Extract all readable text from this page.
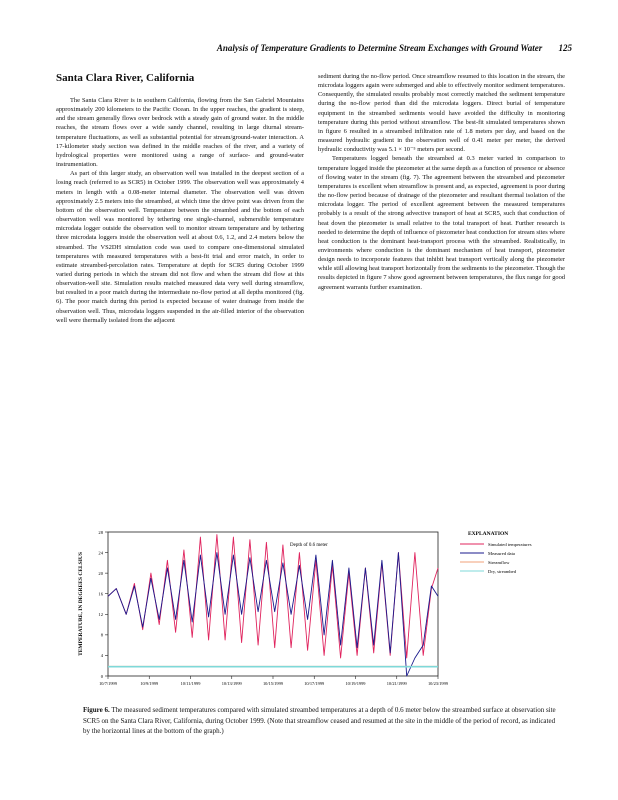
Analysis of Temperature Gradients to Determine Stream Exchanges with Ground Water 125
Santa Clara River, California

The Santa Clara River is in southern California, flowing from the San Gabriel Mountains approximately 200 kilometers to the Pacific Ocean. In the upper reaches, the gradient is steep, and the stream generally flows over bedrock with a steady gain of ground water. In the middle reaches, the stream flows over a wide sandy channel, resulting in large diurnal stream-temperature fluctuations, as well as substantial potential for stream/ground-water interaction. A 17-kilometer study section was defined in the middle reaches of the river, and a variety of hydrological properties were monitored using a range of surface- and ground-water instrumentation.

As part of this larger study, an observation well was installed in the deepest section of a losing reach (referred to as SCR5) in October 1999. The observation well was approximately 4 meters in length with a 0.08-meter internal diameter. The observation well was driven approximately 2.5 meters into the streambed, at which time the drive point was driven from the bottom of the observation well. Temperature between the streambed and the bottom of each observation well was monitored by tethering one single-channel, submersible temperature microdata logger outside the observation well to monitor stream temperature and by tethering three microdata loggers inside the observation well at about 0.6, 1.2, and 2.4 meters below the streambed. The VS2DH simulation code was used to compare one-dimensional simulated temperatures with measured temperatures with a best-fit trial and error match, in order to estimate streambed-percolation rates. Temperature at depth for SCR5 during October 1999 varied during periods in which the stream did not flow and when the stream did flow at this observation-well site. Simulation results matched measured data very well during streamflow, but resulted in a poor match during the intermediate no-flow period at all depths monitored (fig. 6). The poor match during this period is expected because of water drainage from inside the observation well. Thus, microdata loggers suspended in the air-filled interior of the observation well were thermally isolated from the adjacent

sediment during the no-flow period. Once streamflow resumed to this location in the stream, the microdata loggers again were submerged and able to effectively monitor sediment temperatures. Consequently, the simulated results probably most correctly matched the sediment temperature during the no-flow period than did the microdata loggers. Direct burial of temperature equipment in the streambed sediments would have avoided the difficulty in monitoring temperature during this period without streamflow. The best-fit simulated temperatures shown in figure 6 resulted in a streambed infiltration rate of 1.8 meters per day, and based on the measured hydraulic gradient in the observation well of 0.41 meter per meter, the derived hydraulic conductivity was 5.1 × 10⁻⁵ meters per second.

Temperatures logged beneath the streambed at 0.3 meter varied in comparison to temperature logged inside the piezometer at the same depth as a function of presence or absence of flowing water in the stream (fig. 7). The agreement between the streambed and piezometer temperatures is excellent when streamflow is present and, as expected, agreement is poor during the no-flow period because of drainage of the piezometer and resultant thermal isolation of the microdata logger. The period of excellent agreement between the measured temperatures probably is a result of the strong advective transport of heat at SCR5, such that conduction of heat down the piezometer is small relative to the total transport of heat. Further research is needed to determine the depth of influence of piezometer heat conduction for stream sites where heat conduction is the dominant heat-transport process with the streambed. Realistically, in environments where conduction is the dominant mechanism of heat transport, piezometer design needs to incorporate features that inhibit heat transport vertically along the piezometer while still allowing heat transport horizontally from the sediments to the piezometer. Though the results depicted in figure 7 show good agreement between temperatures, the flux range for good agreement warrants further examination.

0
4
8
12
16
20
24
28
10/7/1999	10/9/1999	10/11/1999	10/13/1999	10/15/1999	10/17/1999	10/19/1999	10/21/1999	10/23/1999
TEMPERATURE, IN DEGREES CELSIUS
Depth of 0.6 meter
EXPLANATION
Simulated temperatures
Measured data
Streamflow
Dry, streambed
Figure 6. The measured sediment temperatures compared with simulated streambed temperatures at a depth of 0.6 meter below the streambed surface at observation site SCR5 on the Santa Clara River, California, during October 1999. (Note that streamflow ceased and resumed at the site in the middle of the period of record, as indicated by the horizontal lines at the bottom of the graph.)
